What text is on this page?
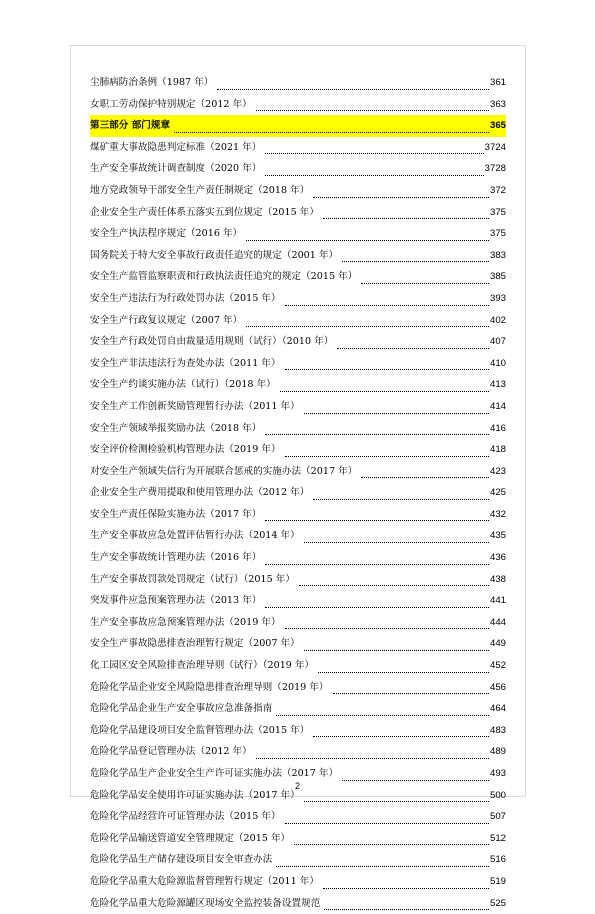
尘肺病防治条例（1987 年）	361
女职工劳动保护特别规定（2012 年）	363
第三部分 部门规章	365
煤矿重大事故隐患判定标准（2021 年）	3724
生产安全事故统计调查制度（2020 年）	3728
地方党政领导干部安全生产责任制规定（2018 年）	372
企业安全生产责任体系五落实五到位规定（2015 年）	375
安全生产执法程序规定（2016 年）	375
国务院关于特大安全事故行政责任追究的规定（2001 年）	383
安全生产监管监察职责和行政执法责任追究的规定（2015 年）	385
安全生产违法行为行政处罚办法（2015 年）	393
安全生产行政复议规定（2007 年）	402
安全生产行政处罚自由裁量适用规则（试行）（2010 年）	407
安全生产非法违法行为查处办法（2011 年）	410
安全生产约谈实施办法（试行）（2018 年）	413
安全生产工作创新奖励管理暂行办法（2011 年）	414
安全生产领域举报奖励办法（2018 年）	416
安全评价检测检验机构管理办法（2019 年）	418
对安全生产领域失信行为开展联合惩戒的实施办法（2017 年）	423
企业安全生产费用提取和使用管理办法（2012 年）	425
安全生产责任保险实施办法（2017 年）	432
生产安全事故应急处置评估暂行办法（2014 年）	435
生产安全事故统计管理办法（2016 年）	436
生产安全事故罚款处罚规定（试行）（2015 年）	438
突发事件应急预案管理办法（2013 年）	441
生产安全事故应急预案管理办法（2019 年）	444
安全生产事故隐患排查治理暂行规定（2007 年）	449
化工园区安全风险排查治理导则（试行）（2019 年）	452
危险化学品企业安全风险隐患排查治理导则（2019 年）	456
危险化学品企业生产安全事故应急准备指南	464
危险化学品建设项目安全监督管理办法（2015 年）	483
危险化学品登记管理办法（2012 年）	489
危险化学品生产企业安全生产许可证实施办法（2017 年）	493
危险化学品安全使用许可证实施办法（2017 年）	500
危险化学品经营许可证管理办法（2015 年）	507
危险化学品输送管道安全管理规定（2015 年）	512
危险化学品生产储存建设项目安全审查办法	516
危险化学品重大危险源监督管理暂行规定（2011 年）	519
危险化学品重大危险源罐区现场安全监控装备设置规范	525
2
